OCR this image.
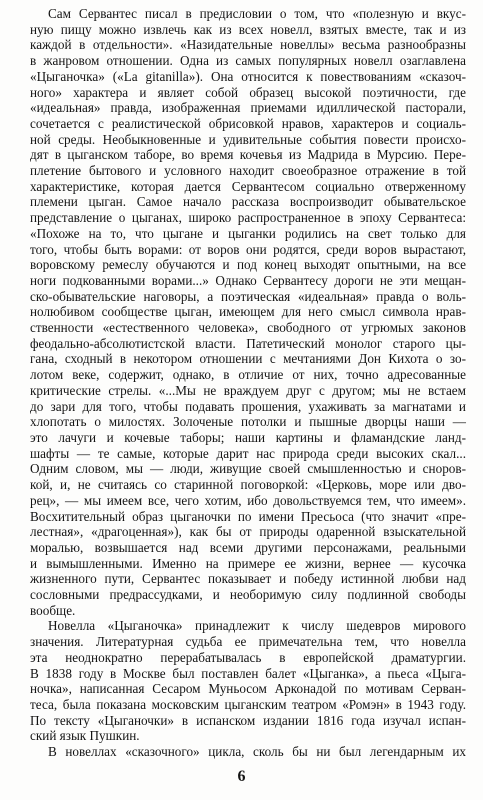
Сам Сервантес писал в предисловии о том, что «полезную и вкус-
ную пищу можно извлечь как из всех новелл, взятых вместе, так и из
каждой в отдельности». «Назидательные новеллы» весьма разнообразны
в жанровом отношении. Одна из самых популярных новелл озаглавлена
«Цыганочка» («La gitanilla»). Она относится к повествованиям «сказоч-
ного» характера и являет собой образец высокой поэтичности, где
«идеальная» правда, изображенная приемами идиллической пасторали,
сочетается с реалистической обрисовкой нравов, характеров и социаль-
ной среды. Необыкновенные и удивительные события повести происхо-
дят в цыганском таборе, во время кочевья из Мадрида в Мурсию. Пере-
плетение бытового и условного находит своеобразное отражение в той
характеристике, которая дается Сервантесом социально отверженному
племени цыган. Самое начало рассказа воспроизводит обывательское
представление о цыганах, широко распространенное в эпоху Сервантеса:
«Похоже на то, что цыгане и цыганки родились на свет только для
того, чтобы быть ворами: от воров они родятся, среди воров вырастают,
воровскому ремеслу обучаются и под конец выходят опытными, на все
ноги подкованными ворами...» Однако Сервантесу дороги не эти мещан-
ско-обывательские наговоры, а поэтическая «идеальная» правда о воль-
нолюбивом сообществе цыган, имеющем для него смысл символа нрав-
ственности «естественного человека», свободного от угрюмых законов
феодально-абсолютистской власти. Патетический монолог старого цы-
гана, сходный в некотором отношении с мечтаниями Дон Кихота о зо-
лотом веке, содержит, однако, в отличие от них, точно адресованные
критические стрелы. «...Мы не враждуем друг с другом; мы не встаем
до зари для того, чтобы подавать прошения, ухаживать за магнатами и
хлопотать о милостях. Золоченые потолки и пышные дворцы наши —
это лачуги и кочевые таборы; наши картины и фламандские ланд-
шафты — те самые, которые дарит нас природа среди высоких скал...
Одним словом, мы — люди, живущие своей смышленностью и сноров-
кой, и, не считаясь со старинной поговоркой: «Церковь, море или дво-
рец», — мы имеем все, чего хотим, ибо довольствуемся тем, что имеем».
Восхитительный образ цыганочки по имени Пресьоса (что значит «пре-
лестная», «драгоценная»), как бы от природы одаренной взыскательной
моралью, возвышается над всеми другими персонажами, реальными
и вымышленными. Именно на примере ее жизни, вернее — кусочка
жизненного пути, Сервантес показывает и победу истинной любви над
сословными предрассудками, и необоримую силу подлинной свободы
вообще.
Новелла «Цыганочка» принадлежит к числу шедевров мирового
значения. Литературная судьба ее примечательна тем, что новелла
эта неоднократно перерабатывалась в европейской драматургии.
В 1838 году в Москве был поставлен балет «Цыганка», а пьеса «Цыга-
ночка», написанная Сесаром Муньосом Арконадой по мотивам Серван-
теса, была показана московским цыганским театром «Ромэн» в 1943 году.
По тексту «Цыганочки» в испанском издании 1816 года изучал испан-
ский язык Пушкин.
В новеллах «сказочного» цикла, сколь бы ни был легендарным их
6
